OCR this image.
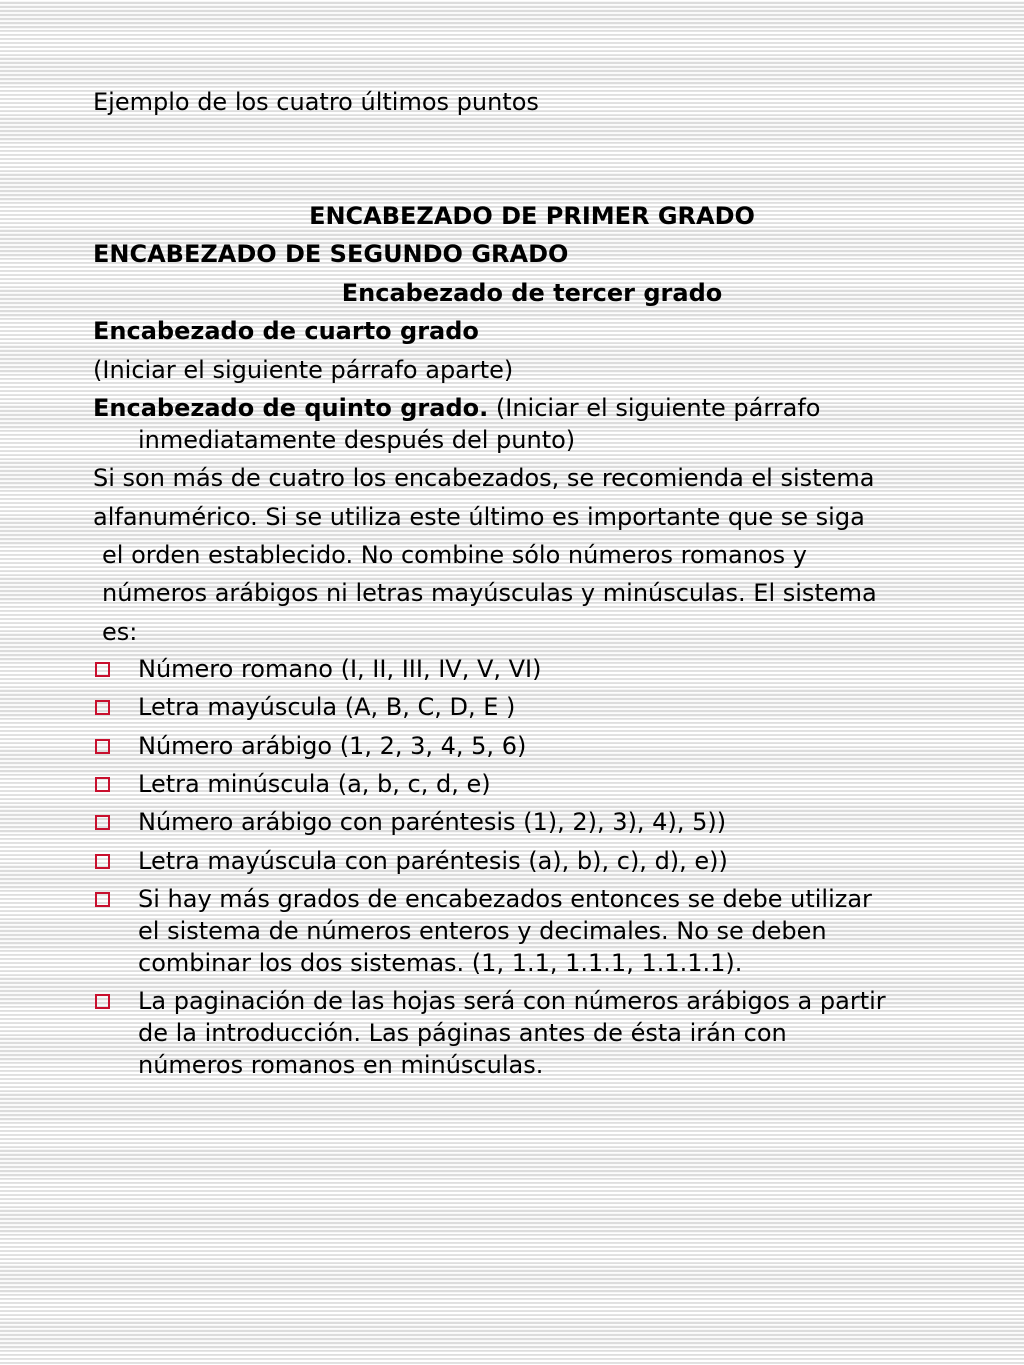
Ejemplo de los cuatro últimos puntos

ENCABEZADO DE PRIMER GRADO

ENCABEZADO DE SEGUNDO GRADO

Encabezado de tercer grado

Encabezado de cuarto grado

(Iniciar el siguiente párrafo aparte)

Encabezado de quinto grado. (Iniciar el siguiente párrafo

inmediatamente después del punto)

Si son más de cuatro los encabezados, se recomienda el sistema

alfanumérico. Si se utiliza este último es importante que se siga

el orden establecido. No combine sólo números romanos y

números arábigos ni letras mayúsculas y minúsculas. El sistema

es:

Número romano (I, II, III, IV, V, VI)

Letra mayúscula (A, B, C, D, E )

Número arábigo (1, 2, 3, 4, 5, 6)

Letra minúscula (a, b, c, d, e)

Número arábigo con paréntesis (1), 2), 3), 4), 5))

Letra mayúscula con paréntesis (a), b), c), d), e))

Si hay más grados de encabezados entonces se debe utilizar

el sistema de números enteros y decimales. No se deben

combinar los dos sistemas. (1, 1.1, 1.1.1, 1.1.1.1).

La paginación de las hojas será con números arábigos a partir

de la introducción. Las páginas antes de ésta irán con

números romanos en minúsculas.
